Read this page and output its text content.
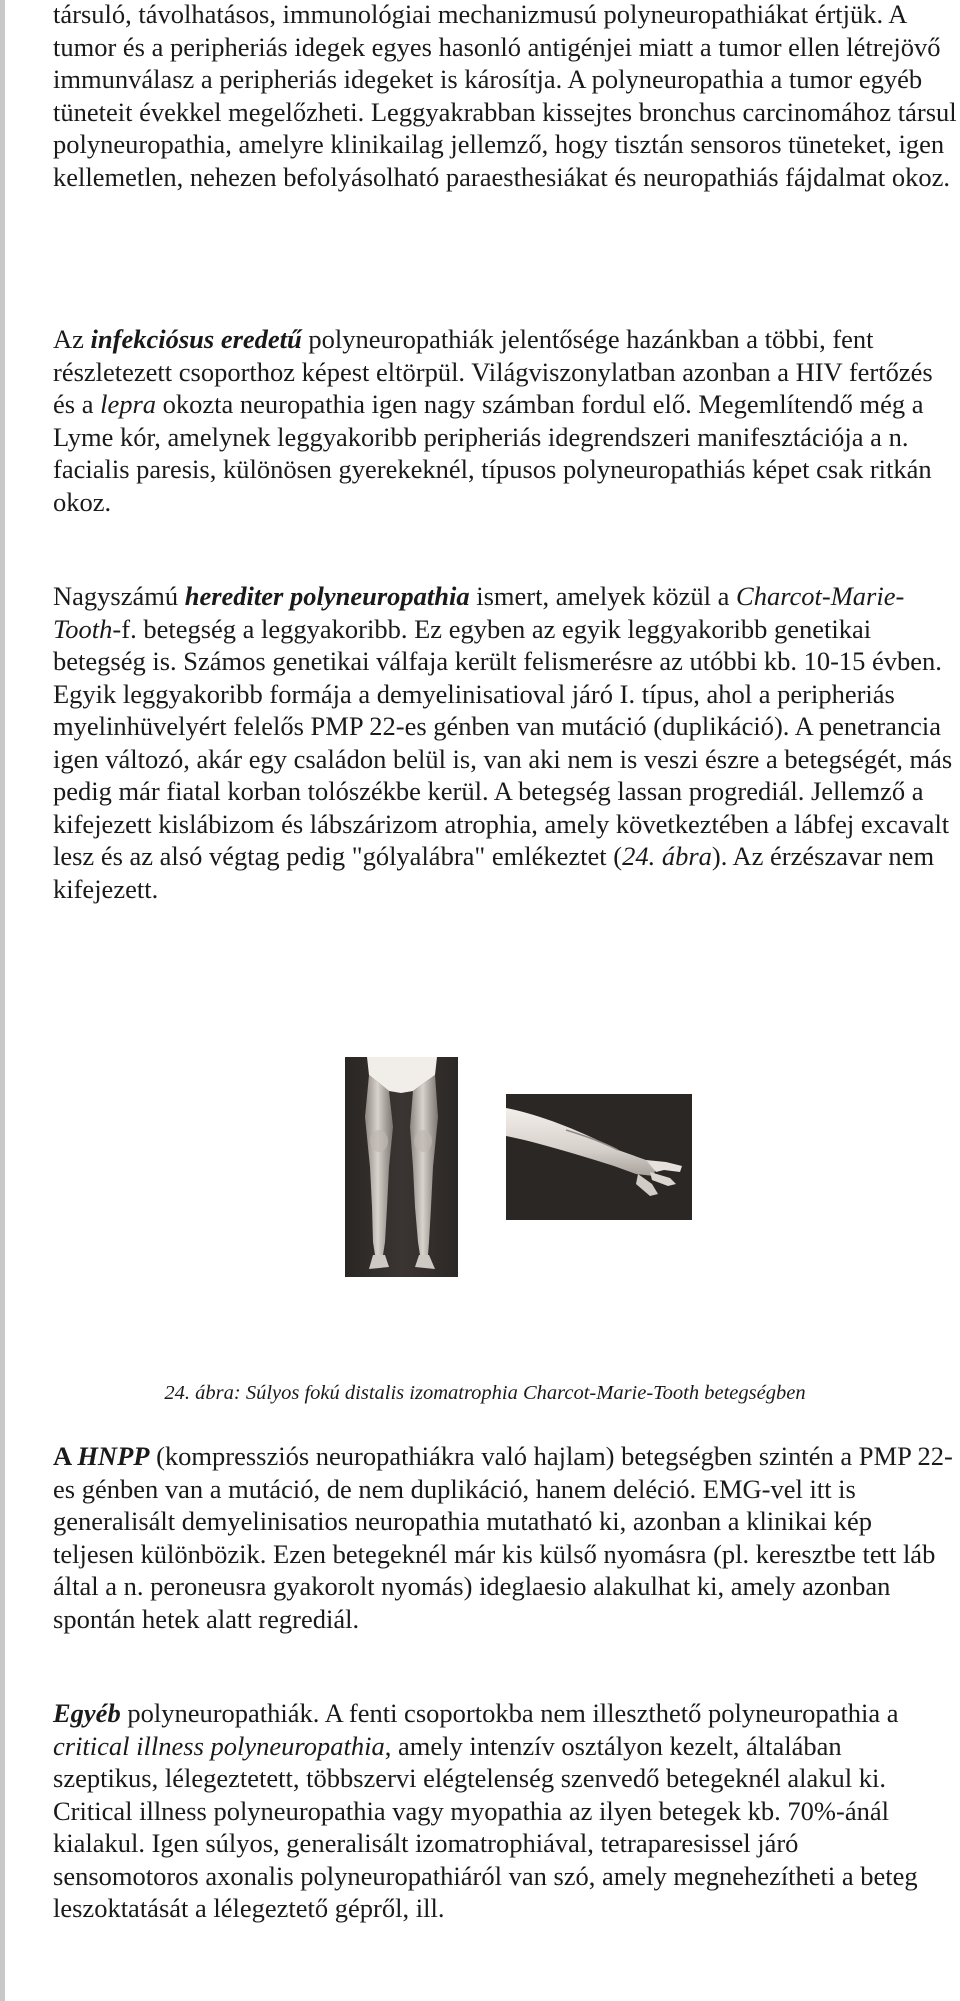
társuló, távolhatásos, immunológiai mechanizmusú polyneuropathiákat értjük. A tumor és a peripheriás idegek egyes hasonló antigénjei miatt a tumor ellen létrejövő immunválasz a peripheriás idegeket is károsítja. A polyneuropathia a tumor egyéb tüneteit évekkel megelőzheti. Leggyakrabban kissejtes bronchus carcinomához társul polyneuropathia, amelyre klinikailag jellemző, hogy tisztán sensoros tüneteket, igen kellemetlen, nehezen befolyásolható paraesthesiákat és neuropathiás fájdalmat okoz.

Az infekciósus eredetű polyneuropathiák jelentősége hazánkban a többi, fent részletezett csoporthoz képest eltörpül. Világviszonylatban azonban a HIV fertőzés és a lepra okozta neuropathia igen nagy számban fordul elő. Megemlítendő még a Lyme kór, amelynek leggyakoribb peripheriás idegrendszeri manifesztációja a n. facialis paresis, különösen gyerekeknél, típusos polyneuropathiás képet csak ritkán okoz.

Nagyszámú herediter polyneuropathia ismert, amelyek közül a Charcot-Marie-Tooth-f. betegség a leggyakoribb. Ez egyben az egyik leggyakoribb genetikai betegség is. Számos genetikai válfaja került felismerésre az utóbbi kb. 10-15 évben. Egyik leggyakoribb formája a demyelinisatioval járó I. típus, ahol a peripheriás myelinhüvelyért felelős PMP 22-es génben van mutáció (duplikáció). A penetrancia igen változó, akár egy családon belül is, van aki nem is veszi észre a betegségét, más pedig már fiatal korban tolószékbe kerül. A betegség lassan progrediál. Jellemző a kifejezett kislábizom és lábszárizom atrophia, amely következtében a lábfej excavalt lesz és az alsó végtag pedig "gólyalábra" emlékeztet (24. ábra). Az érzészavar nem kifejezett.

A HNPP (kompressziós neuropathiákra való hajlam) betegségben szintén a PMP 22-es génben van a mutáció, de nem duplikáció, hanem deléció. EMG-vel itt is generalisált demyelinisatios neuropathia mutatható ki, azonban a klinikai kép teljesen különbözik. Ezen betegeknél már kis külső nyomásra (pl. keresztbe tett láb által a n. peroneusra gyakorolt nyomás) ideglaesio alakulhat ki, amely azonban spontán hetek alatt regrediál.

Egyéb polyneuropathiák. A fenti csoportokba nem illeszthető polyneuropathia a critical illness polyneuropathia, amely intenzív osztályon kezelt, általában szeptikus, lélegeztetett, többszervi elégtelenség szenvedő betegeknél alakul ki. Critical illness polyneuropathia vagy myopathia az ilyen betegek kb. 70%-ánál kialakul. Igen súlyos, generalisált izomatrophiával, tetraparesissel járó sensomotoros axonalis polyneuropathiáról van szó, amely megnehezítheti a beteg leszoktatását a lélegeztető gépről, ill.

24. ábra: Súlyos fokú distalis izomatrophia Charcot-Marie-Tooth betegségben
